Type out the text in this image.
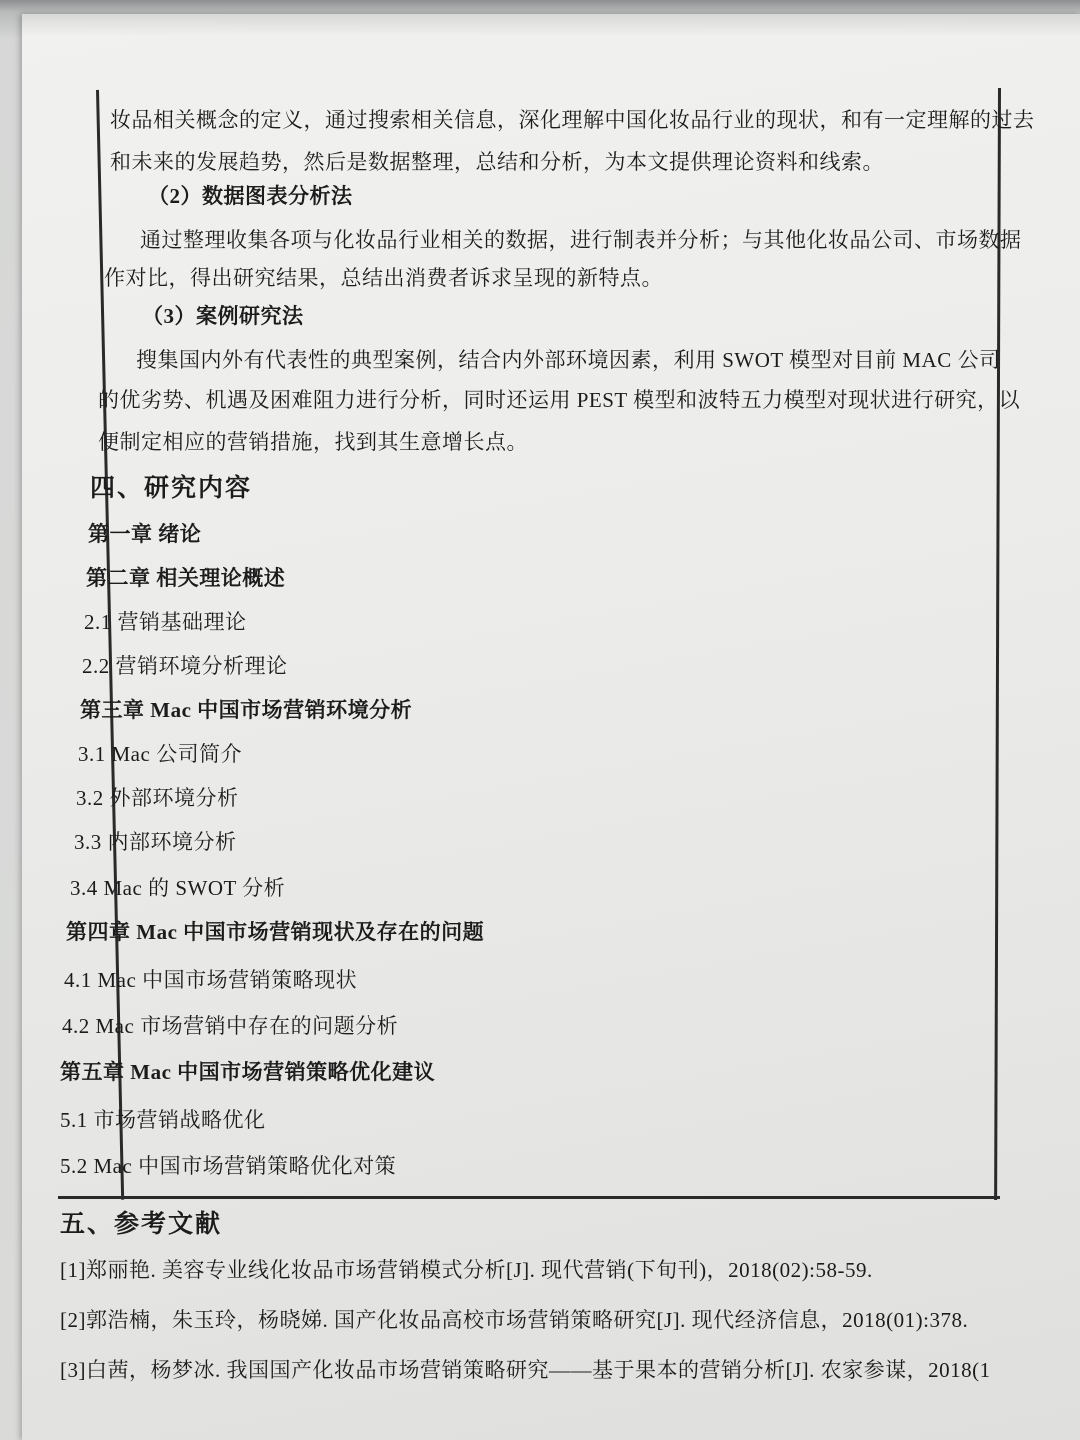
妆品相关概念的定义，通过搜索相关信息，深化理解中国化妆品行业的现状，和有一定理解的过去
和未来的发展趋势，然后是数据整理，总结和分析，为本文提供理论资料和线索。
（2）数据图表分析法
通过整理收集各项与化妆品行业相关的数据，进行制表并分析；与其他化妆品公司、市场数据
作对比，得出研究结果，总结出消费者诉求呈现的新特点。
（3）案例研究法
搜集国内外有代表性的典型案例，结合内外部环境因素，利用 SWOT 模型对目前 MAC 公司
的优劣势、机遇及困难阻力进行分析，同时还运用 PEST 模型和波特五力模型对现状进行研究，以
便制定相应的营销措施，找到其生意增长点。
四、研究内容
第一章 绪论
第二章 相关理论概述
2.1 营销基础理论
2.2 营销环境分析理论
第三章 Mac 中国市场营销环境分析
3.1 Mac 公司简介
3.2 外部环境分析
3.3 内部环境分析
3.4 Mac 的 SWOT 分析
第四章 Mac 中国市场营销现状及存在的问题
4.1 Mac 中国市场营销策略现状
4.2 Mac 市场营销中存在的问题分析
第五章 Mac 中国市场营销策略优化建议
5.1 市场营销战略优化
5.2 Mac 中国市场营销策略优化对策
五、参考文献
[1]郑丽艳. 美容专业线化妆品市场营销模式分析[J]. 现代营销(下旬刊)，2018(02):58-59.
[2]郭浩楠，朱玉玲，杨晓娣. 国产化妆品高校市场营销策略研究[J]. 现代经济信息，2018(01):378.
[3]白茜，杨梦冰. 我国国产化妆品市场营销策略研究——基于果本的营销分析[J]. 农家参谋，2018(1
